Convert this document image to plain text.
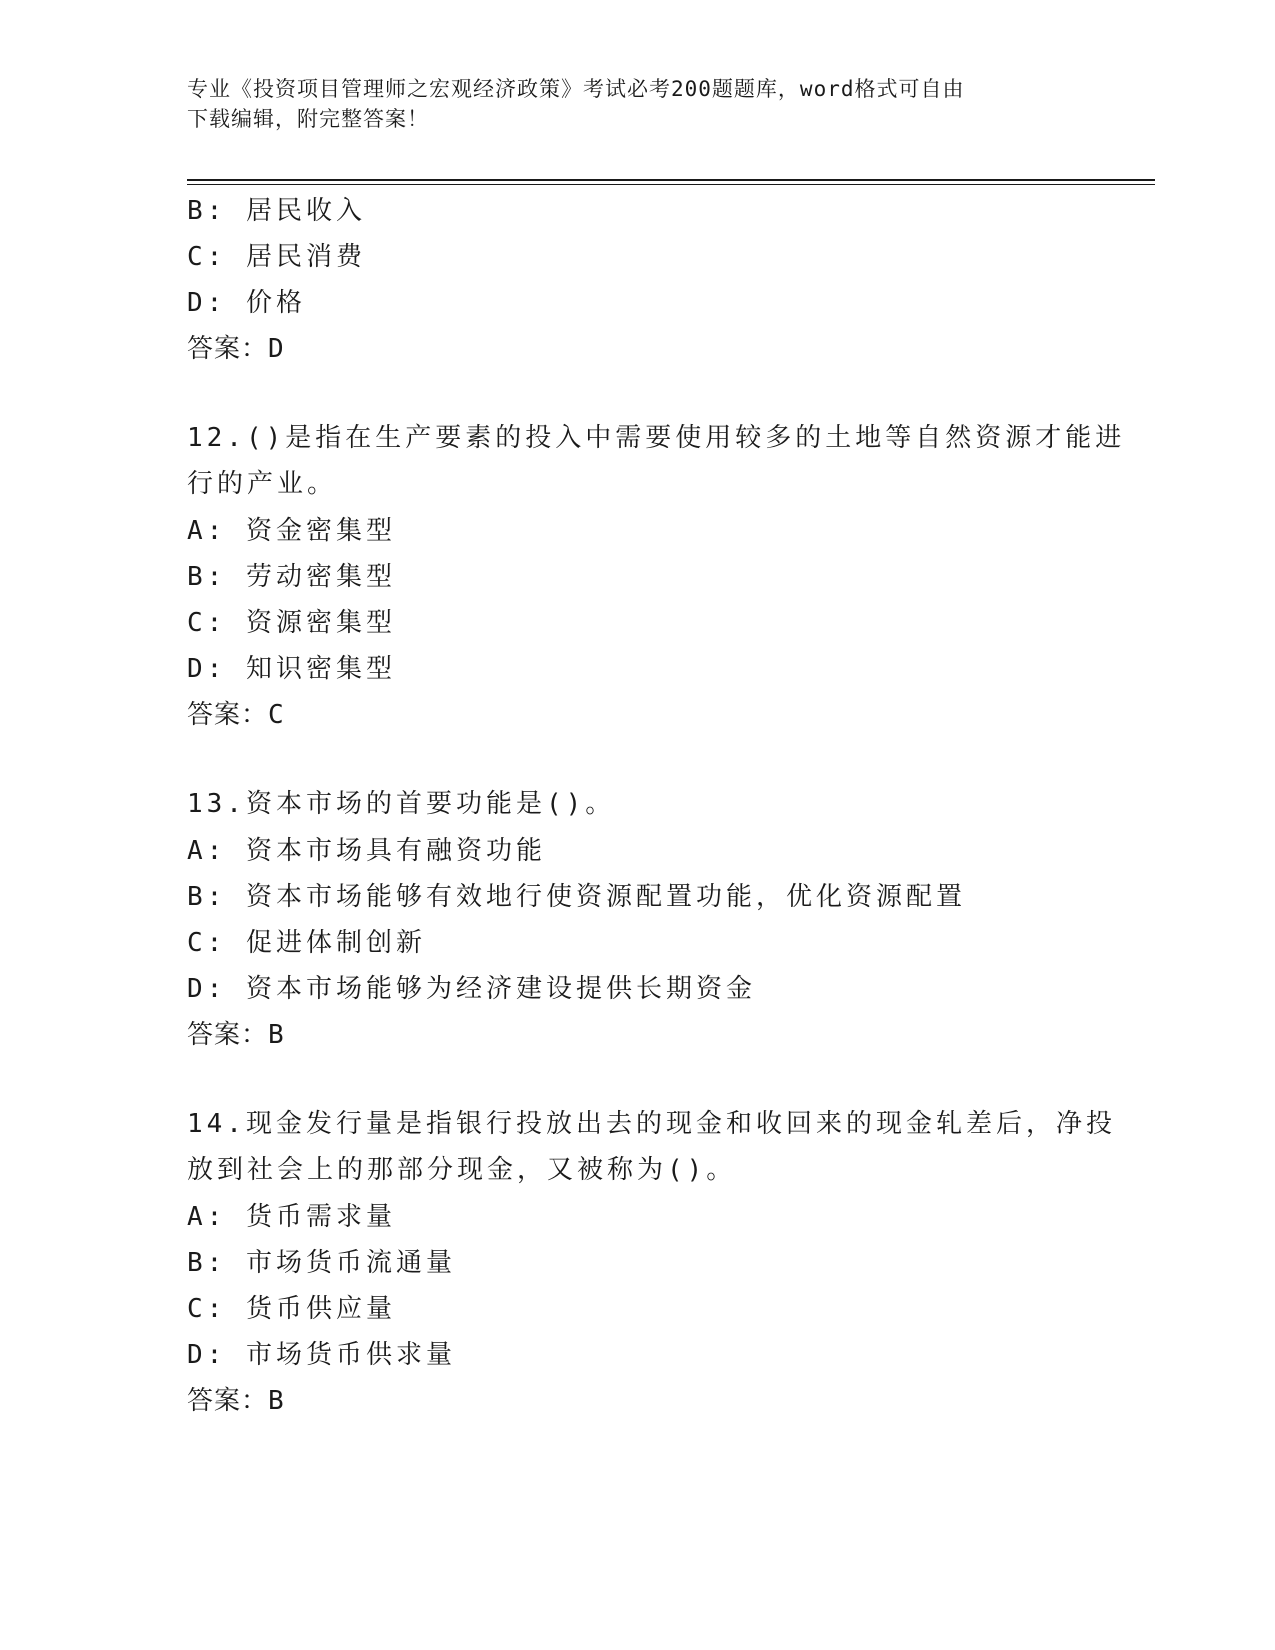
专业《投资项目管理师之宏观经济政策》考试必考200题题库，word格式可自由
下载编辑，附完整答案！
B: 居民收入
C: 居民消费
D: 价格
答案：D
12.()是指在生产要素的投入中需要使用较多的土地等自然资源才能进
行的产业。
A: 资金密集型
B: 劳动密集型
C: 资源密集型
D: 知识密集型
答案：C
13.资本市场的首要功能是()。
A: 资本市场具有融资功能
B: 资本市场能够有效地行使资源配置功能，优化资源配置
C: 促进体制创新
D: 资本市场能够为经济建设提供长期资金
答案：B
14.现金发行量是指银行投放出去的现金和收回来的现金轧差后，净投
放到社会上的那部分现金，又被称为()。
A: 货币需求量
B: 市场货币流通量
C: 货币供应量
D: 市场货币供求量
答案：B
